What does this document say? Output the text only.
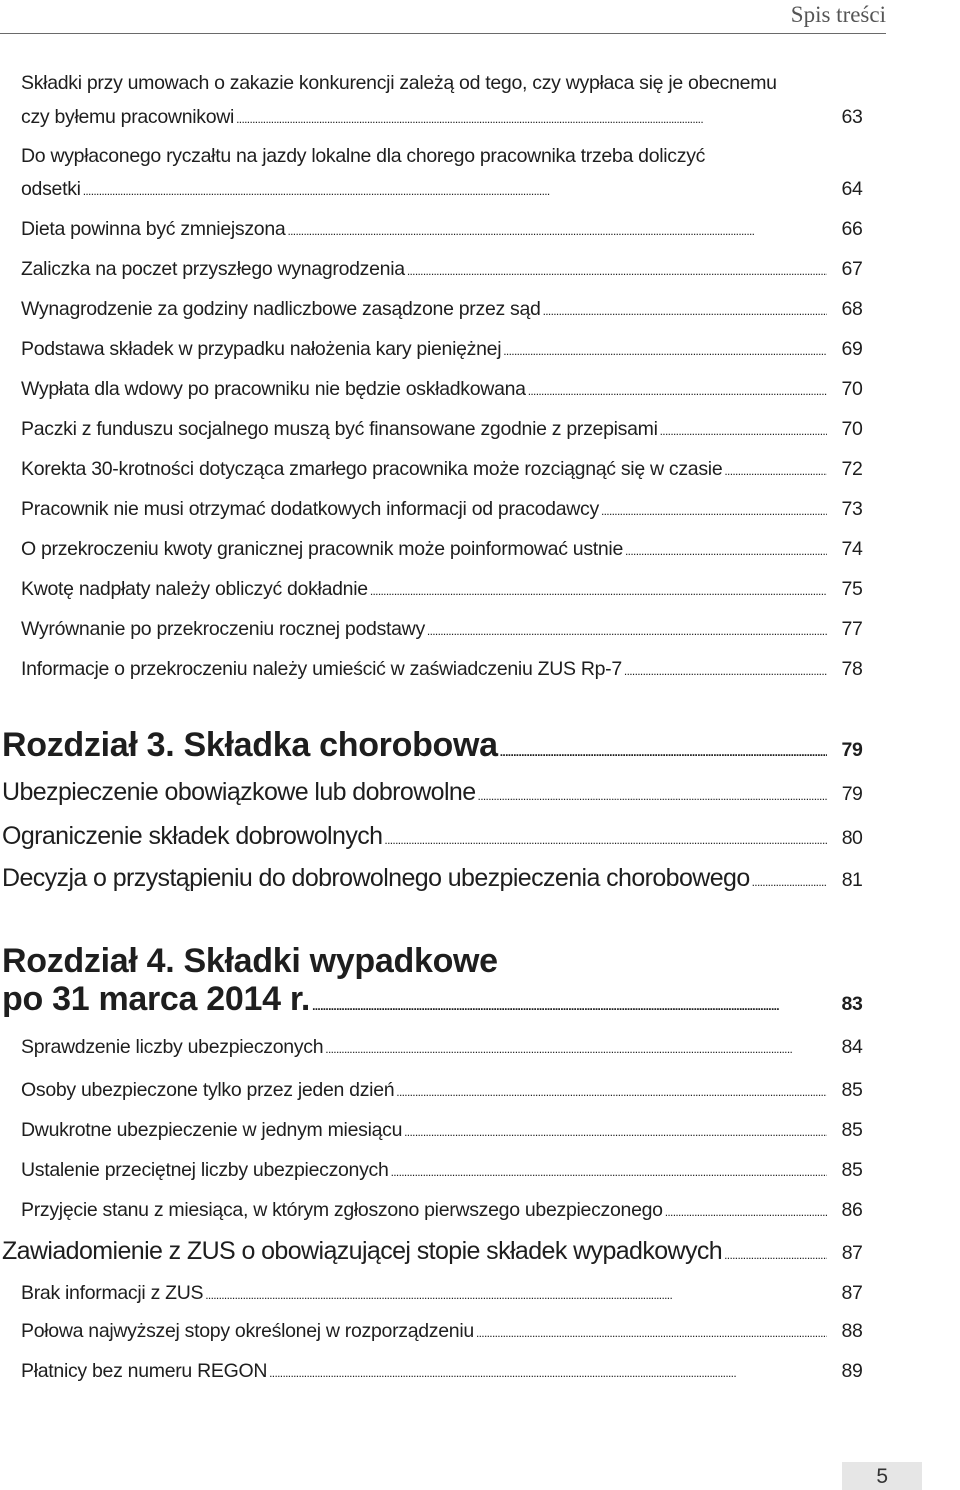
Spis treści
Składki przy umowach o zakazie konkurencji zależą od tego, czy wypłaca się je obecnemu
czy byłemu pracownikowi . . .	63
Do wypłaconego ryczałtu na jazdy lokalne dla chorego pracownika trzeba doliczyć
odsetki . . .	64
Dieta powinna być zmniejszona . . .	66
Zaliczka na poczet przyszłego wynagrodzenia . . .	67
Wynagrodzenie za godziny nadliczbowe zasądzone przez sąd . . .	68
Podstawa składek w przypadku nałożenia kary pieniężnej . . .	69
Wypłata dla wdowy po pracowniku nie będzie oskładkowana . . .	70
Paczki z funduszu socjalnego muszą być finansowane zgodnie z przepisami . . .	70
Korekta 30-krotności dotycząca zmarłego pracownika może rozciągnąć się w czasie . . .	72
Pracownik nie musi otrzymać dodatkowych informacji od pracodawcy . . .	73
O przekroczeniu kwoty granicznej pracownik może poinformować ustnie . . .	74
Kwotę nadpłaty należy obliczyć dokładnie . . .	75
Wyrównanie po przekroczeniu rocznej podstawy . . .	77
Informacje o przekroczeniu należy umieścić w zaświadczeniu ZUS Rp-7 . . .	78
Rozdział 3. Składka chorobowa . . .	79
Ubezpieczenie obowiązkowe lub dobrowolne . . .	79
Ograniczenie składek dobrowolnych . . .	80
Decyzja o przystąpieniu do dobrowolnego ubezpieczenia chorobowego . . .	81
Rozdział 4. Składki wypadkowe
po 31 marca 2014 r. . . .	83
Sprawdzenie liczby ubezpieczonych . . .	84
Osoby ubezpieczone tylko przez jeden dzień . . .	85
Dwukrotne ubezpieczenie w jednym miesiącu . . .	85
Ustalenie przeciętnej liczby ubezpieczonych . . .	85
Przyjęcie stanu z miesiąca, w którym zgłoszono pierwszego ubezpieczonego . . .	86
Zawiadomienie z ZUS o obowiązującej stopie składek wypadkowych . . .	87
Brak informacji z ZUS . . .	87
Połowa najwyższej stopy określonej w rozporządzeniu . . .	88
Płatnicy bez numeru REGON . . .	89
5
